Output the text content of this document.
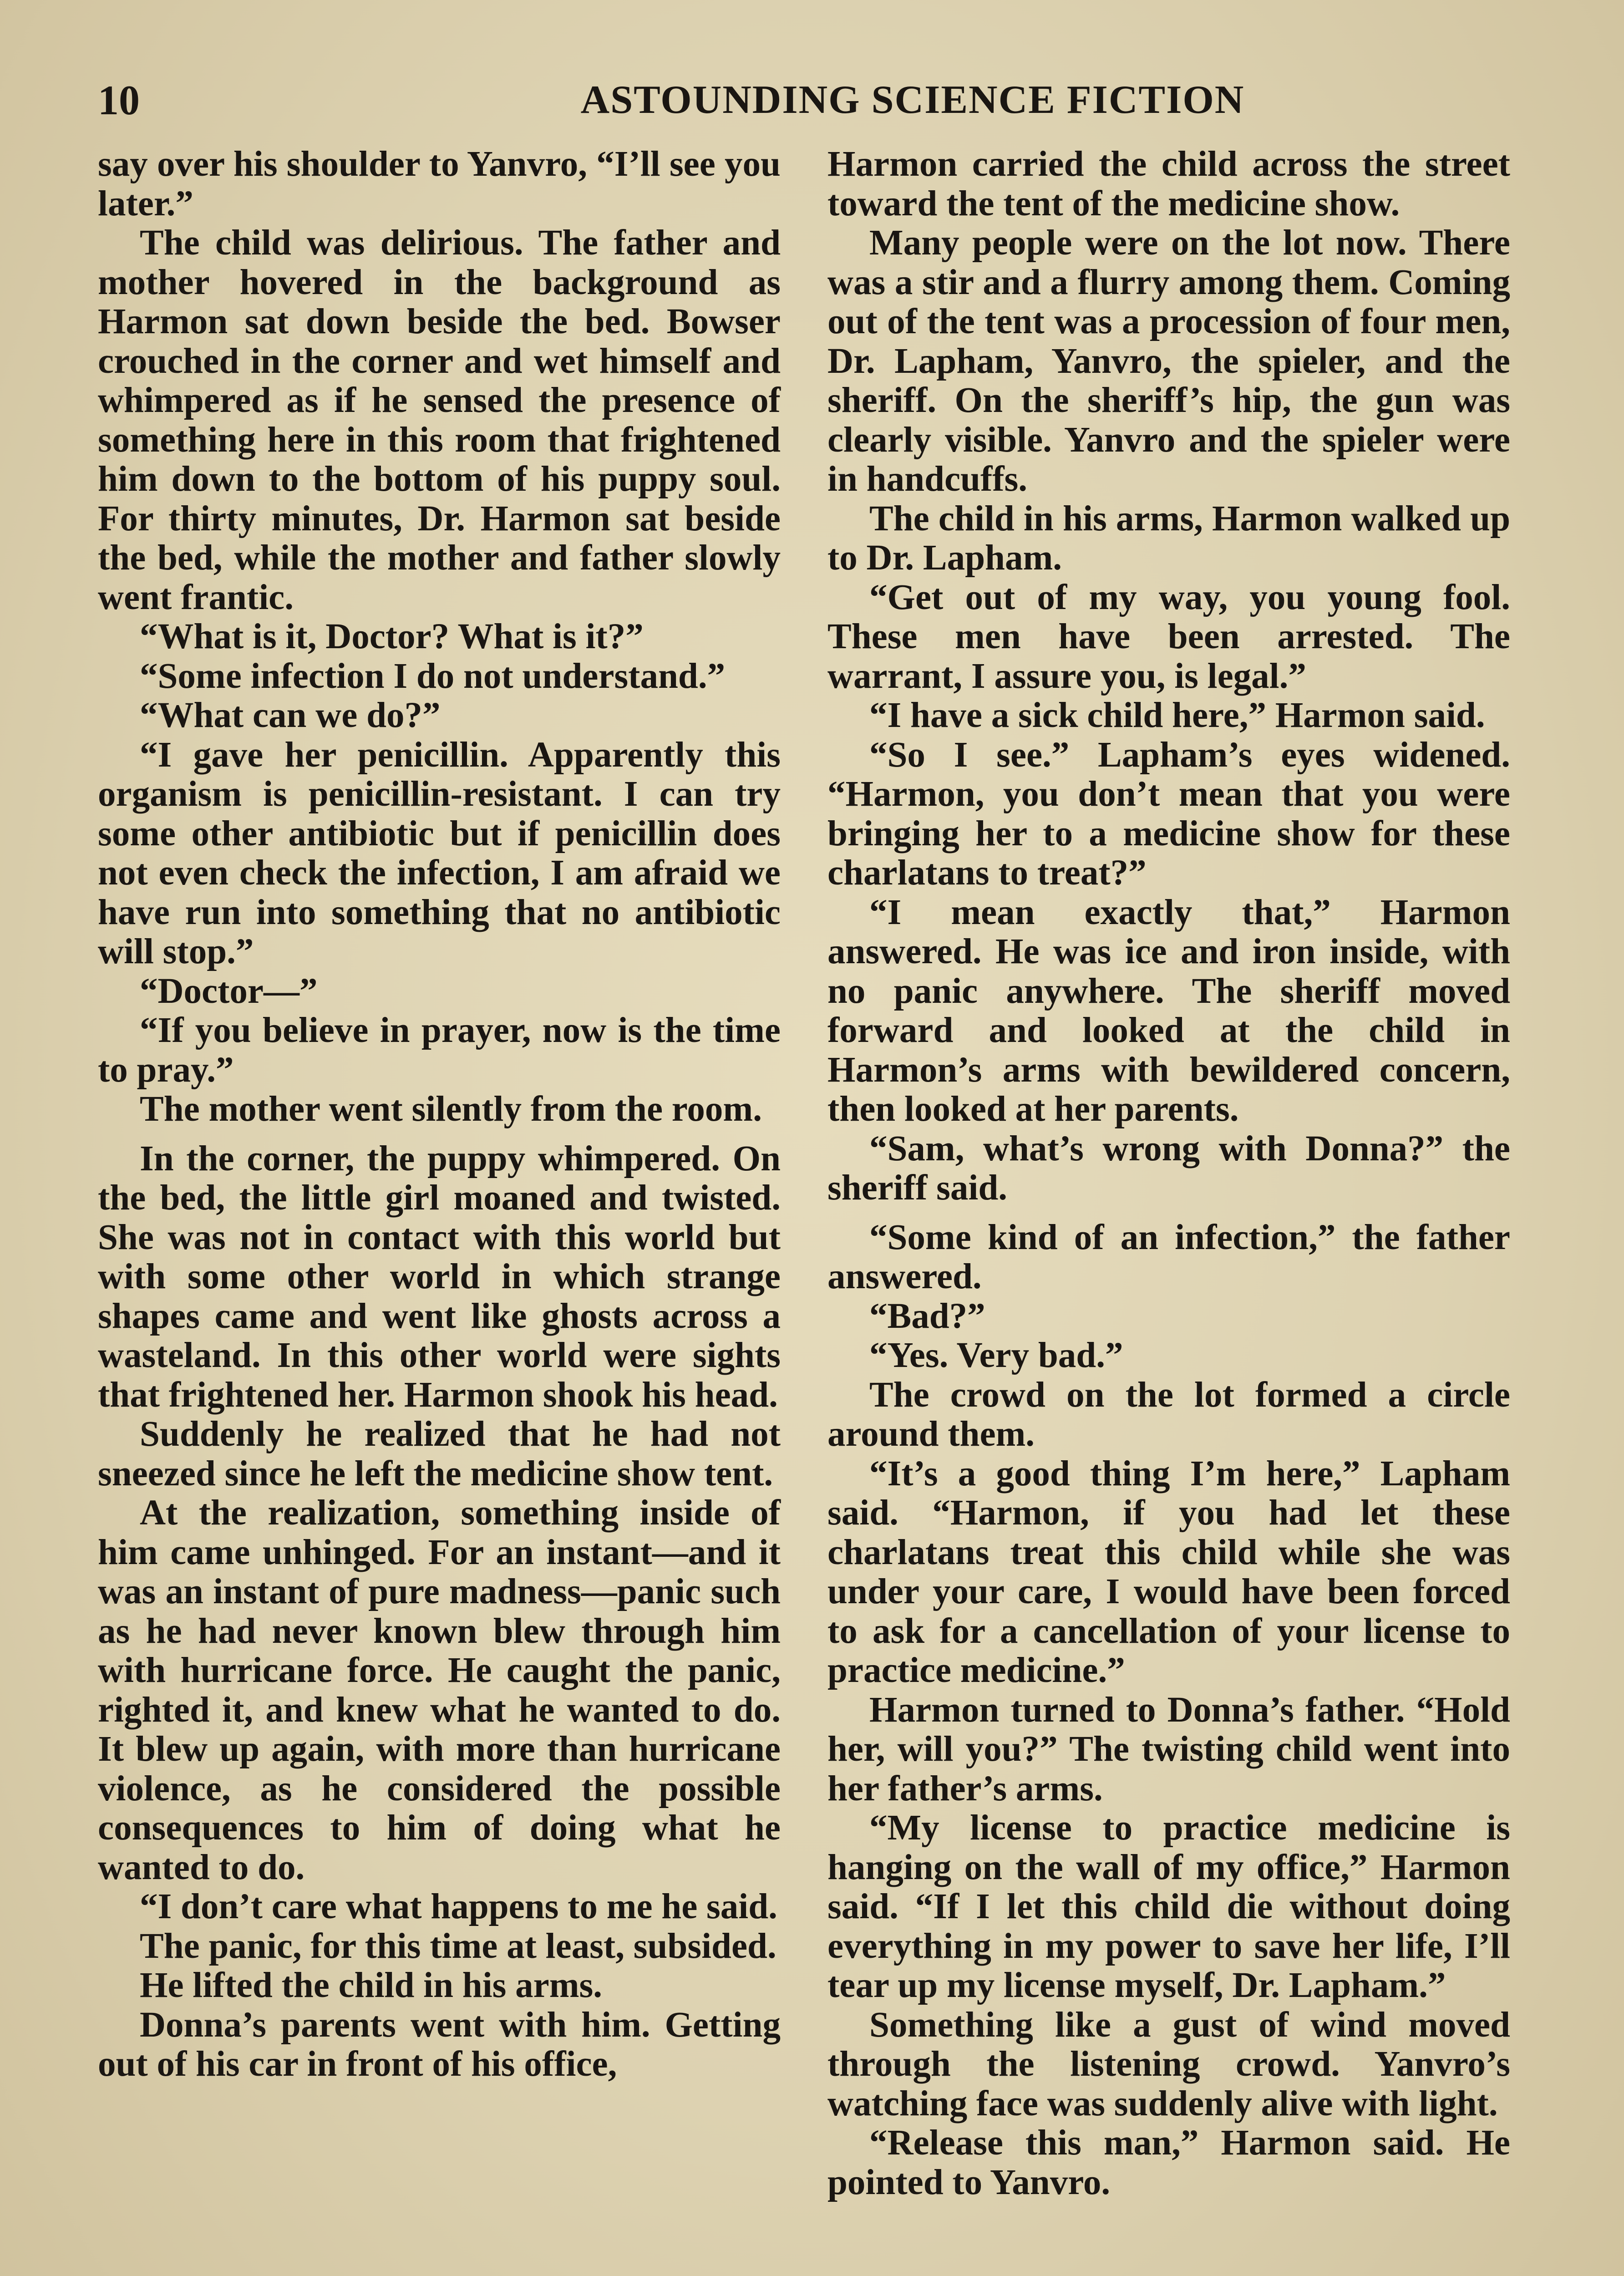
10	ASTOUNDING SCIENCE FICTION

say over his shoulder to Yanvro, “I’ll see you later.”

The child was delirious. The father and mother hovered in the background as Harmon sat down beside the bed. Bowser crouched in the corner and wet himself and whimpered as if he sensed the presence of something here in this room that frightened him down to the bottom of his puppy soul. For thirty minutes, Dr. Harmon sat beside the bed, while the mother and father slowly went frantic.

“What is it, Doctor? What is it?”

“Some infection I do not understand.”

“What can we do?”

“I gave her penicillin. Apparently this organism is penicillin-resistant. I can try some other antibiotic but if penicillin does not even check the infection, I am afraid we have run into something that no antibiotic will stop.”

“Doctor—”

“If you believe in prayer, now is the time to pray.”

The mother went silently from the room.

In the corner, the puppy whimpered. On the bed, the little girl moaned and twisted. She was not in contact with this world but with some other world in which strange shapes came and went like ghosts across a wasteland. In this other world were sights that frightened her. Harmon shook his head.

Suddenly he realized that he had not sneezed since he left the medicine show tent.

At the realization, something inside of him came unhinged. For an instant—and it was an instant of pure madness—panic such as he had never known blew through him with hurricane force. He caught the panic, righted it, and knew what he wanted to do. It blew up again, with more than hurricane violence, as he considered the possible consequences to him of doing what he wanted to do.

“I don’t care what happens to me he said.

The panic, for this time at least, subsided.

He lifted the child in his arms.

Donna’s parents went with him. Getting out of his car in front of his office,

Harmon carried the child across the street toward the tent of the medicine show.

Many people were on the lot now. There was a stir and a flurry among them. Coming out of the tent was a procession of four men, Dr. Lapham, Yanvro, the spieler, and the sheriff. On the sheriff’s hip, the gun was clearly visible. Yanvro and the spieler were in handcuffs.

The child in his arms, Harmon walked up to Dr. Lapham.

“Get out of my way, you young fool. These men have been arrested. The warrant, I assure you, is legal.”

“I have a sick child here,” Harmon said.

“So I see.” Lapham’s eyes widened. “Harmon, you don’t mean that you were bringing her to a medicine show for these charlatans to treat?”

“I mean exactly that,” Harmon answered. He was ice and iron inside, with no panic anywhere. The sheriff moved forward and looked at the child in Harmon’s arms with bewildered concern, then looked at her parents.

“Sam, what’s wrong with Donna?” the sheriff said.

“Some kind of an infection,” the father answered.

“Bad?”

“Yes. Very bad.”

The crowd on the lot formed a circle around them.

“It’s a good thing I’m here,” Lapham said. “Harmon, if you had let these charlatans treat this child while she was under your care, I would have been forced to ask for a cancellation of your license to practice medicine.”

Harmon turned to Donna’s father. “Hold her, will you?” The twisting child went into her father’s arms.

“My license to practice medicine is hanging on the wall of my office,” Harmon said. “If I let this child die without doing everything in my power to save her life, I’ll tear up my license myself, Dr. Lapham.”

Something like a gust of wind moved through the listening crowd. Yanvro’s watching face was suddenly alive with light.

“Release this man,” Harmon said. He pointed to Yanvro.
